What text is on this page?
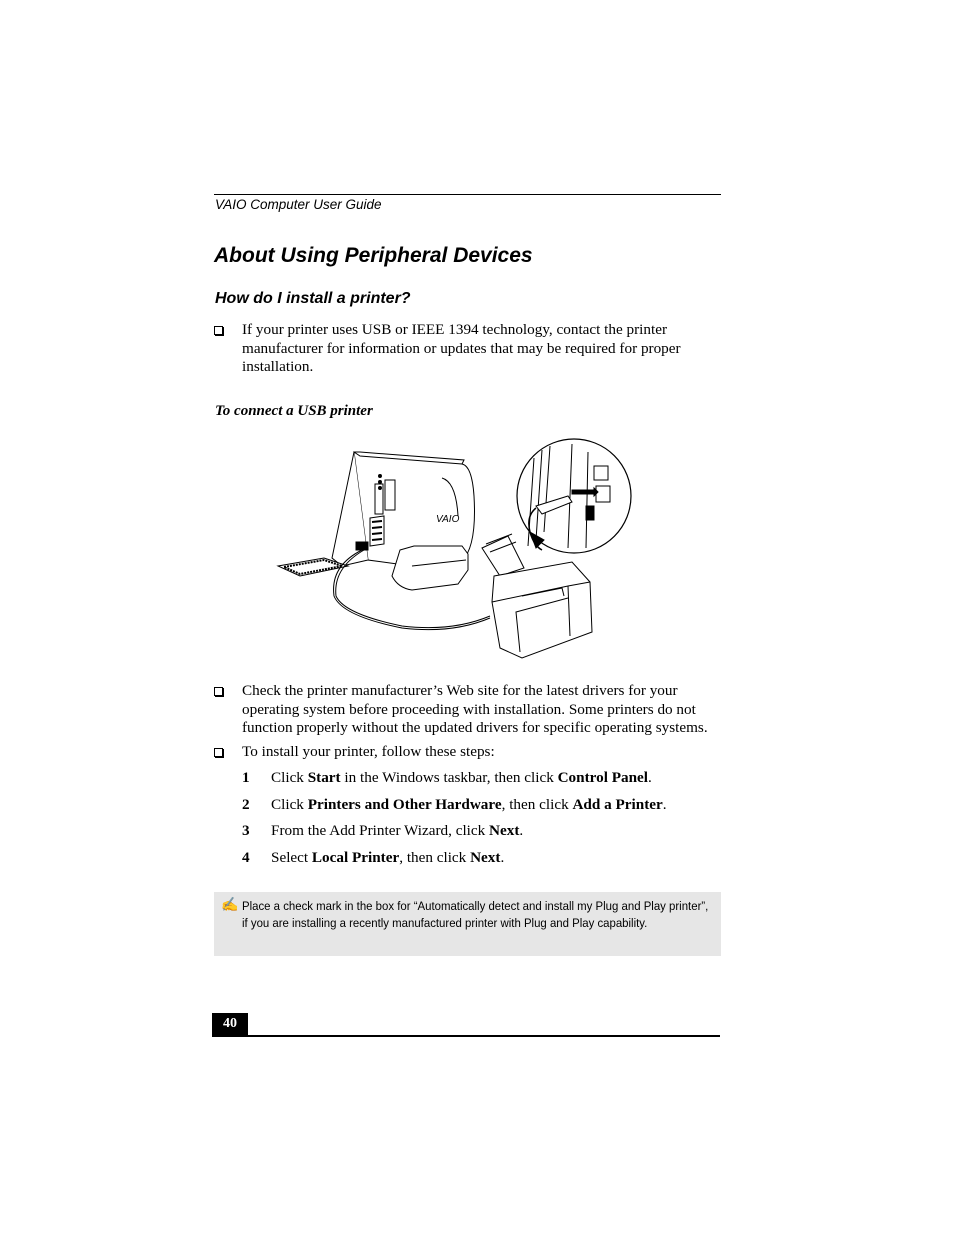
VAIO Computer User Guide
About Using Peripheral Devices
How do I install a printer?
If your printer uses USB or IEEE 1394 technology, contact the printer manufacturer for information or updates that may be required for proper installation.
To connect a USB printer
VAIO
Check the printer manufacturer’s Web site for the latest drivers for your operating system before proceeding with installation. Some printers do not function properly without the updated drivers for specific operating systems.
To install your printer, follow these steps:
1 Click Start in the Windows taskbar, then click Control Panel.
2 Click Printers and Other Hardware, then click Add a Printer.
3 From the Add Printer Wizard, click Next.
4 Select Local Printer, then click Next.
✍ Place a check mark in the box for “Automatically detect and install my Plug and Play printer”, if you are installing a recently manufactured printer with Plug and Play capability.
40
